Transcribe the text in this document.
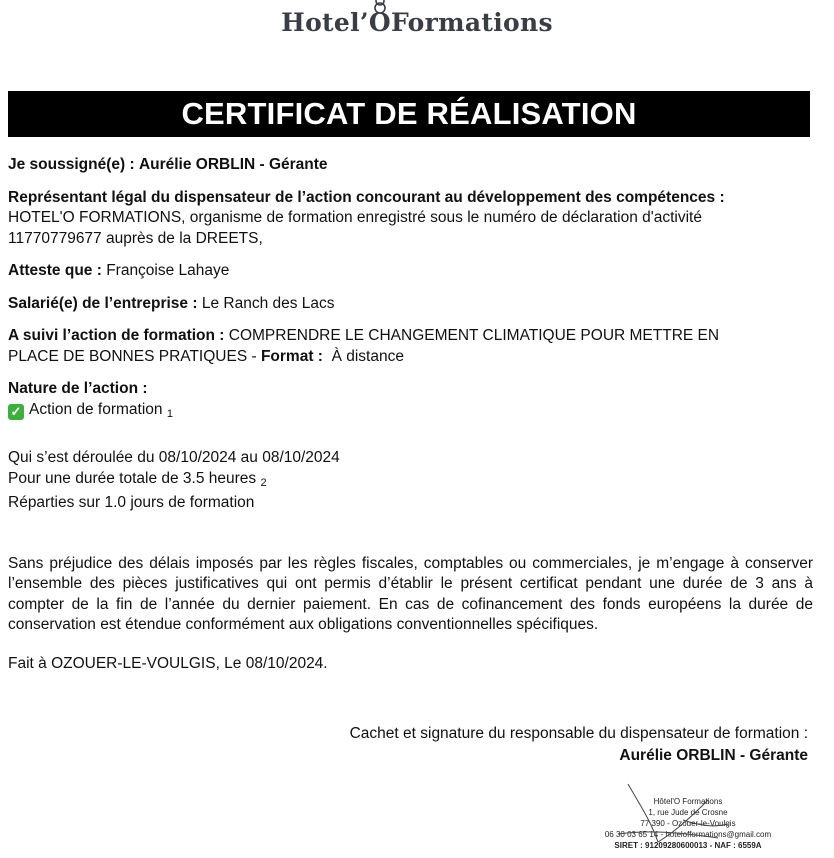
Hotel’
OFormations
CERTIFICAT DE RÉALISATION

Je soussigné(e) : Aurélie ORBLIN - Gérante

Représentant légal du dispensateur de l’action concourant au développement des compétences :

HOTEL'O FORMATIONS, organisme de formation enregistré sous le numéro de déclaration d'activité

11770779677 auprès de la DREETS,

Atteste que : Françoise Lahaye

Salarié(e) de l’entreprise : Le Ranch des Lacs

A suivi l’action de formation : COMPRENDRE LE CHANGEMENT CLIMATIQUE POUR METTRE EN

PLACE DE BONNES PRATIQUES - Format : À distance

Nature de l’action :

✓ Action de formation $_1$

Qui s’est déroulée du 08/10/2024 au 08/10/2024

Pour une durée totale de 3.5 heures $_2$

Réparties sur 1.0 jours de formation

Sans préjudice des délais imposés par les règles fiscales, comptables ou commerciales, je m’engage à conserver l’ensemble des pièces justificatives qui ont permis d’établir le présent certificat pendant une durée de 3 ans à compter de la fin de l’année du dernier paiement. En cas de cofinancement des fonds européens la durée de conservation est étendue conformément aux obligations conventionnelles spécifiques.

Fait à OZOUER-LE-VOULGIS, Le 08/10/2024.

Cachet et signature du responsable du dispensateur de formation :
Aurélie ORBLIN - Gérante
Hôtel'O Formations
1, rue Jude de Crosne
77 390 - Ozouer-le-Voulgis
06 30 03 65 14 - hotelofformations@gmail.com
SIRET : 91209280600013 - NAF : 6559A
